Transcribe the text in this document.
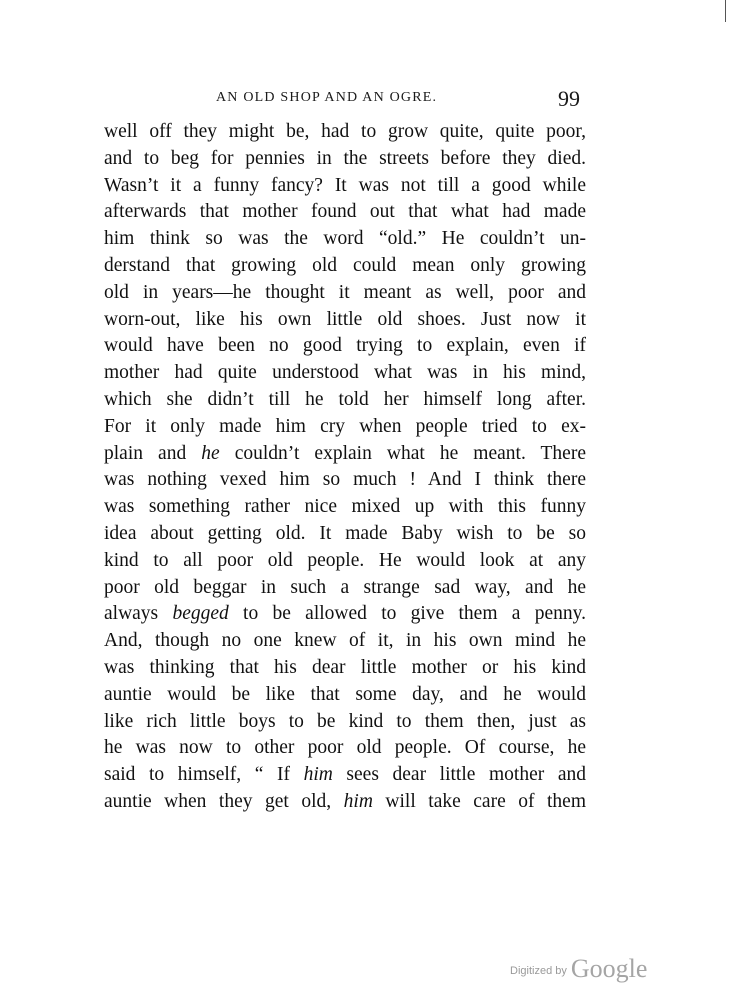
AN OLD SHOP AND AN OGRE.	99
well off they might be, had to grow quite, quite poor,
and to beg for pennies in the streets before they died.
Wasn’t it a funny fancy? It was not till a good while
afterwards that mother found out that what had made
him think so was the word “old.” He couldn’t un-
derstand that growing old could mean only growing
old in years—he thought it meant as well, poor and
worn-out, like his own little old shoes. Just now it
would have been no good trying to explain, even if
mother had quite understood what was in his mind,
which she didn’t till he told her himself long after.
For it only made him cry when people tried to ex-
plain and he couldn’t explain what he meant. There
was nothing vexed him so much ! And I think there
was something rather nice mixed up with this funny
idea about getting old. It made Baby wish to be so
kind to all poor old people. He would look at any
poor old beggar in such a strange sad way, and he
always begged to be allowed to give them a penny.
And, though no one knew of it, in his own mind he
was thinking that his dear little mother or his kind
auntie would be like that some day, and he would
like rich little boys to be kind to them then, just as
he was now to other poor old people. Of course, he
said to himself, “ If him sees dear little mother and
auntie when they get old, him will take care of them
Digitized by Google
